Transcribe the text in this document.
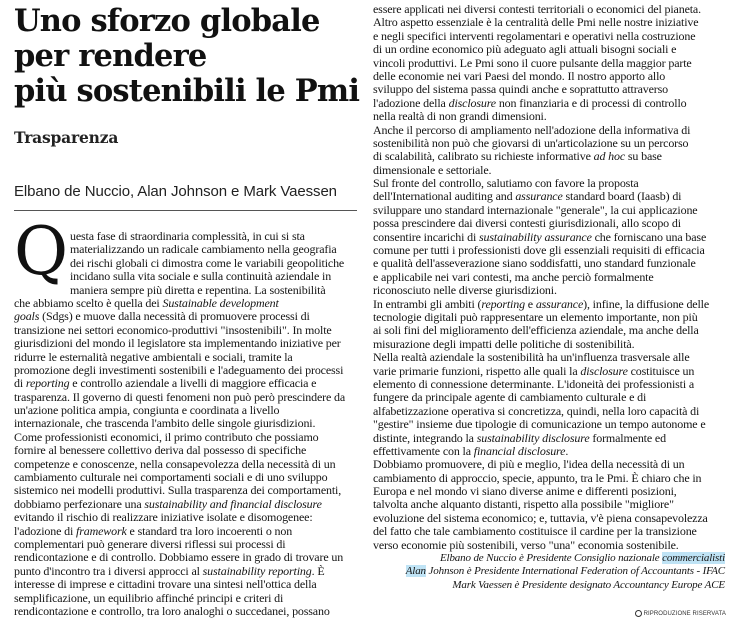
Uno sforzo globale
per rendere
più sostenibili le Pmi
Trasparenza
Elbano de Nuccio, Alan Johnson e Mark Vaessen
Q uesta fase di straordinaria complessità, in cui si sta
materializzando un radicale cambiamento nella geografia
dei rischi globali ci dimostra come le variabili geopolitiche
incidano sulla vita sociale e sulla continuità aziendale in
maniera sempre più diretta e repentina. La sostenibilità
che abbiamo scelto è quella dei Sustainable development
goals (Sdgs) e muove dalla necessità di promuovere processi di
transizione nei settori economico-produttivi "insostenibili". In molte
giurisdizioni del mondo il legislatore sta implementando iniziative per
ridurre le esternalità negative ambientali e sociali, tramite la
promozione degli investimenti sostenibili e l'adeguamento dei processi
di reporting e controllo aziendale a livelli di maggiore efficacia e
trasparenza. Il governo di questi fenomeni non può però prescindere da
un'azione politica ampia, congiunta e coordinata a livello
internazionale, che trascenda l'ambito delle singole giurisdizioni.
Come professionisti economici, il primo contributo che possiamo
fornire al benessere collettivo deriva dal possesso di specifiche
competenze e conoscenze, nella consapevolezza della necessità di un
cambiamento culturale nei comportamenti sociali e di uno sviluppo
sistemico nei modelli produttivi. Sulla trasparenza dei comportamenti,
dobbiamo perfezionare una sustainability and financial disclosure
evitando il rischio di realizzare iniziative isolate e disomogenee:
l'adozione di framework e standard tra loro incoerenti o non
complementari può generare diversi riflessi sui processi di
rendicontazione e di controllo. Dobbiamo essere in grado di trovare un
punto d'incontro tra i diversi approcci al sustainability reporting. È
interesse di imprese e cittadini trovare una sintesi nell'ottica della
semplificazione, un equilibrio affinché principi e criteri di
rendicontazione e controllo, tra loro analoghi o succedanei, possano
essere applicati nei diversi contesti territoriali o economici del pianeta.
Altro aspetto essenziale è la centralità delle Pmi nelle nostre iniziative
e negli specifici interventi regolamentari e operativi nella costruzione
di un ordine economico più adeguato agli attuali bisogni sociali e
vincoli produttivi. Le Pmi sono il cuore pulsante della maggior parte
delle economie nei vari Paesi del mondo. Il nostro apporto allo
sviluppo del sistema passa quindi anche e soprattutto attraverso
l'adozione della disclosure non finanziaria e di processi di controllo
nella realtà di non grandi dimensioni.
Anche il percorso di ampliamento nell'adozione della informativa di
sostenibilità non può che giovarsi di un'articolazione su un percorso
di scalabilità, calibrato su richieste informative ad hoc su base
dimensionale e settoriale.
Sul fronte del controllo, salutiamo con favore la proposta
dell'International auditing and assurance standard board (Iaasb) di
sviluppare uno standard internazionale "generale", la cui applicazione
possa prescindere dai diversi contesti giurisdizionali, allo scopo di
consentire incarichi di sustainability assurance che forniscano una base
comune per tutti i professionisti dove gli essenziali requisiti di efficacia
e qualità dell'asseverazione siano soddisfatti, uno standard funzionale
e applicabile nei vari contesti, ma anche perciò formalmente
riconosciuto nelle diverse giurisdizioni.
In entrambi gli ambiti (reporting e assurance), infine, la diffusione delle
tecnologie digitali può rappresentare un elemento importante, non più
ai soli fini del miglioramento dell'efficienza aziendale, ma anche della
misurazione degli impatti delle politiche di sostenibilità.
Nella realtà aziendale la sostenibilità ha un'influenza trasversale alle
varie primarie funzioni, rispetto alle quali la disclosure costituisce un
elemento di connessione determinante. L'idoneità dei professionisti a
fungere da principale agente di cambiamento culturale e di
alfabetizzazione operativa si concretizza, quindi, nella loro capacità di
"gestire" insieme due tipologie di comunicazione un tempo autonome e
distinte, integrando la sustainability disclosure formalmente ed
effettivamente con la financial disclosure.
Dobbiamo promuovere, di più e meglio, l'idea della necessità di un
cambiamento di approccio, specie, appunto, tra le Pmi. È chiaro che in
Europa e nel mondo vi siano diverse anime e differenti posizioni,
talvolta anche alquanto distanti, rispetto alla possibile "migliore"
evoluzione del sistema economico; e, tuttavia, v'è piena consapevolezza
del fatto che tale cambiamento costituisce il cardine per la transizione
verso economie più sostenibili, verso "una" economia sostenibile.
Elbano de Nuccio è Presidente Consiglio nazionale commercialisti
Alan Johnson è Presidente International Federation of Accountants - IFAC
Mark Vaessen è Presidente designato Accountancy Europe ACE
RIPRODUZIONE RISERVATA
